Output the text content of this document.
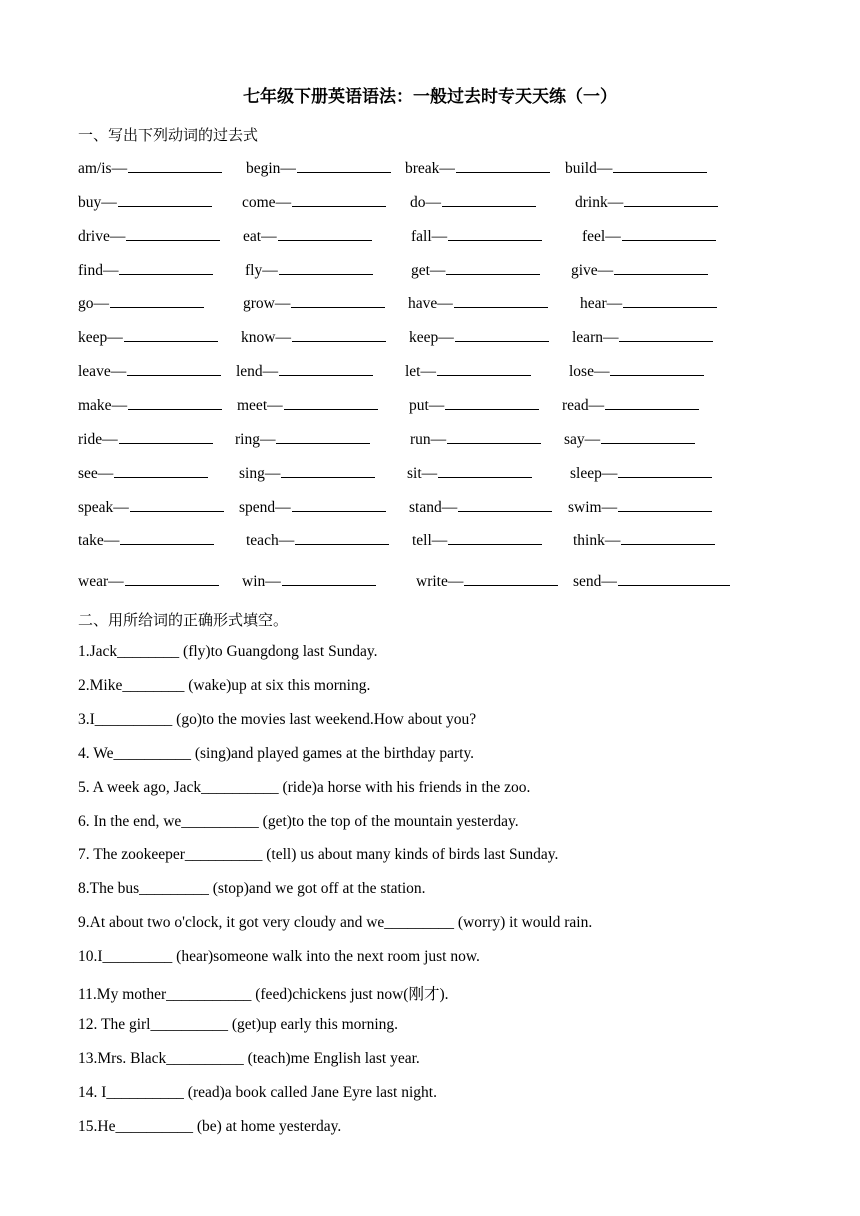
七年级下册英语语法：一般过去时专天天练（一）
一、写出下列动词的过去式
am/is—	begin—	break—	build—
buy—	come—	do—	drink—
drive—	eat—	fall—	feel—
find—	fly—	get—	give—
go—	grow—	have—	hear—
keep—	know—	keep—	learn—
leave—	lend—	let—	lose—
make—	meet—	put—	read—
ride—	ring—	run—	say—
see—	sing—	sit—	sleep—
speak—	spend—	stand—	swim—
take—	teach—	tell—	think—
wear—	win—	write—	send—
二、用所给词的正确形式填空。
1.Jack________ (fly)to Guangdong last Sunday.
2.Mike________ (wake)up at six this morning.
3.I__________ (go)to the movies last weekend.How about you?
4. We__________ (sing)and played games at the birthday party.
5. A week ago, Jack__________ (ride)a horse with his friends in the zoo.
6. In the end, we__________ (get)to the top of the mountain yesterday.
7. The zookeeper__________ (tell) us about many kinds of birds last Sunday.
8.The bus_________ (stop)and we got off at the station.
9.At about two o'clock, it got very cloudy and we_________ (worry) it would rain.
10.I_________ (hear)someone walk into the next room just now.
11.My mother___________ (feed)chickens just now(刚才).
12. The girl__________ (get)up early this morning.
13.Mrs. Black__________ (teach)me English last year.
14. I__________ (read)a book called Jane Eyre last night.
15.He__________ (be) at home yesterday.
